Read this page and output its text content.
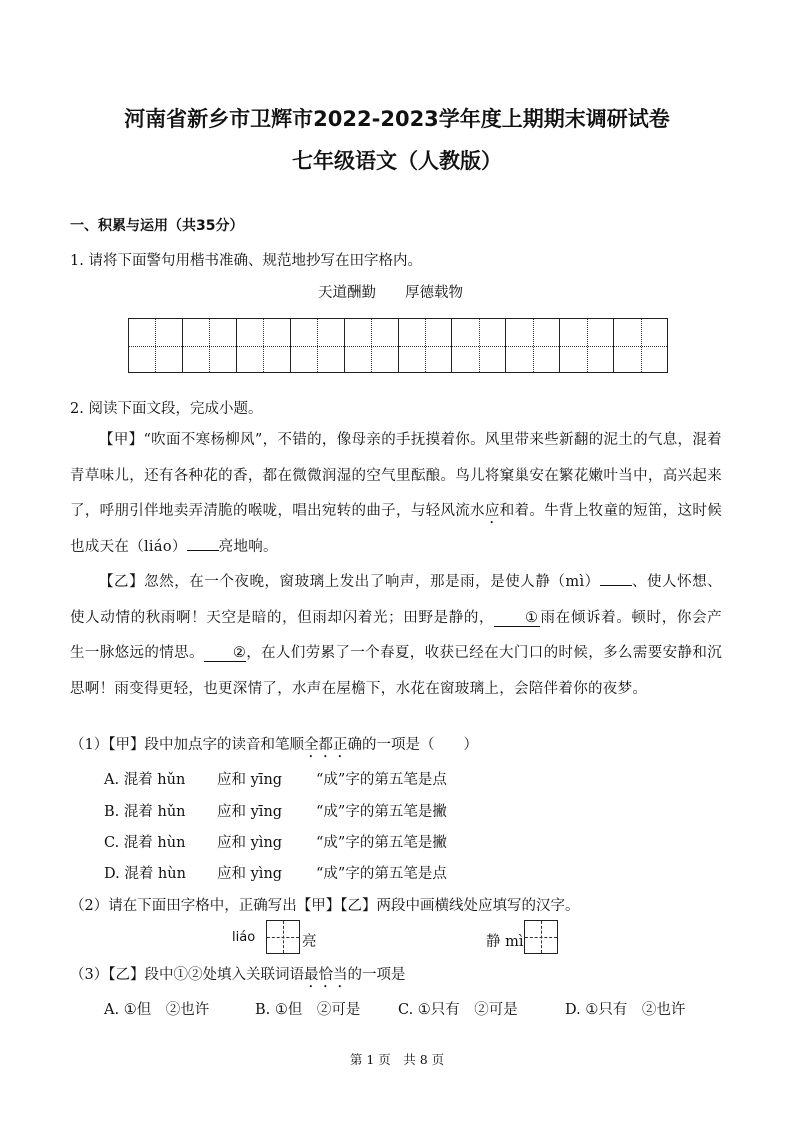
河南省新乡市卫辉市2022-2023学年度上期期末调研试卷
七年级语文（人教版）
一、积累与运用（共35分）
1. 请将下面警句用楷书准确、规范地抄写在田字格内。
天道酬勤　　厚德载物
2. 阅读下面文段，完成小题。
【甲】“吹面不寒杨柳风”，不错的，像母亲的手抚摸着你。风里带来些新翻的泥土的气息，混着青草味儿，还有各种花的香，都在微微润湿的空气里酝酿。鸟儿将窠巢安在繁花嫩叶当中，高兴起来了，呼朋引伴地卖弄清脆的喉咙，唱出宛转的曲子，与轻风流水应和着。牛背上牧童的短笛，这时候也成天在（liáo） 亮地响。
【乙】忽然，在一个夜晚，窗玻璃上发出了响声，那是雨，是使人静（mì） 、使人怀想、使人动情的秋雨啊！天空是暗的，但雨却闪着光；田野是静的， ① 雨在倾诉着。顿时，你会产生一脉悠远的情思。 ②，在人们劳累了一个春夏，收获已经在大门口的时候，多么需要安静和沉思啊！雨变得更轻，也更深情了，水声在屋檐下，水花在窗玻璃上，会陪伴着你的夜梦。
（1）【甲】段中加点字的读音和笔顺全都正确的一项是（　　）
A. 混着 hǔn 应和 yīng “成”字的第五笔是点
B. 混着 hǔn 应和 yīng “成”字的第五笔是撇
C. 混着 hùn 应和 yìng “成”字的第五笔是撇
D. 混着 hùn 应和 yìng “成”字的第五笔是点
（2）请在下面田字格中，正确写出【甲】【乙】两段中画横线处应填写的汉字。
liáo	亮	静 mì
（3）【乙】段中①②处填入关联词语最恰当的一项是
A. ①但　②也许	B. ①但　②可是	C. ①只有　②可是	D. ①只有　②也许
第 1 页　共 8 页
